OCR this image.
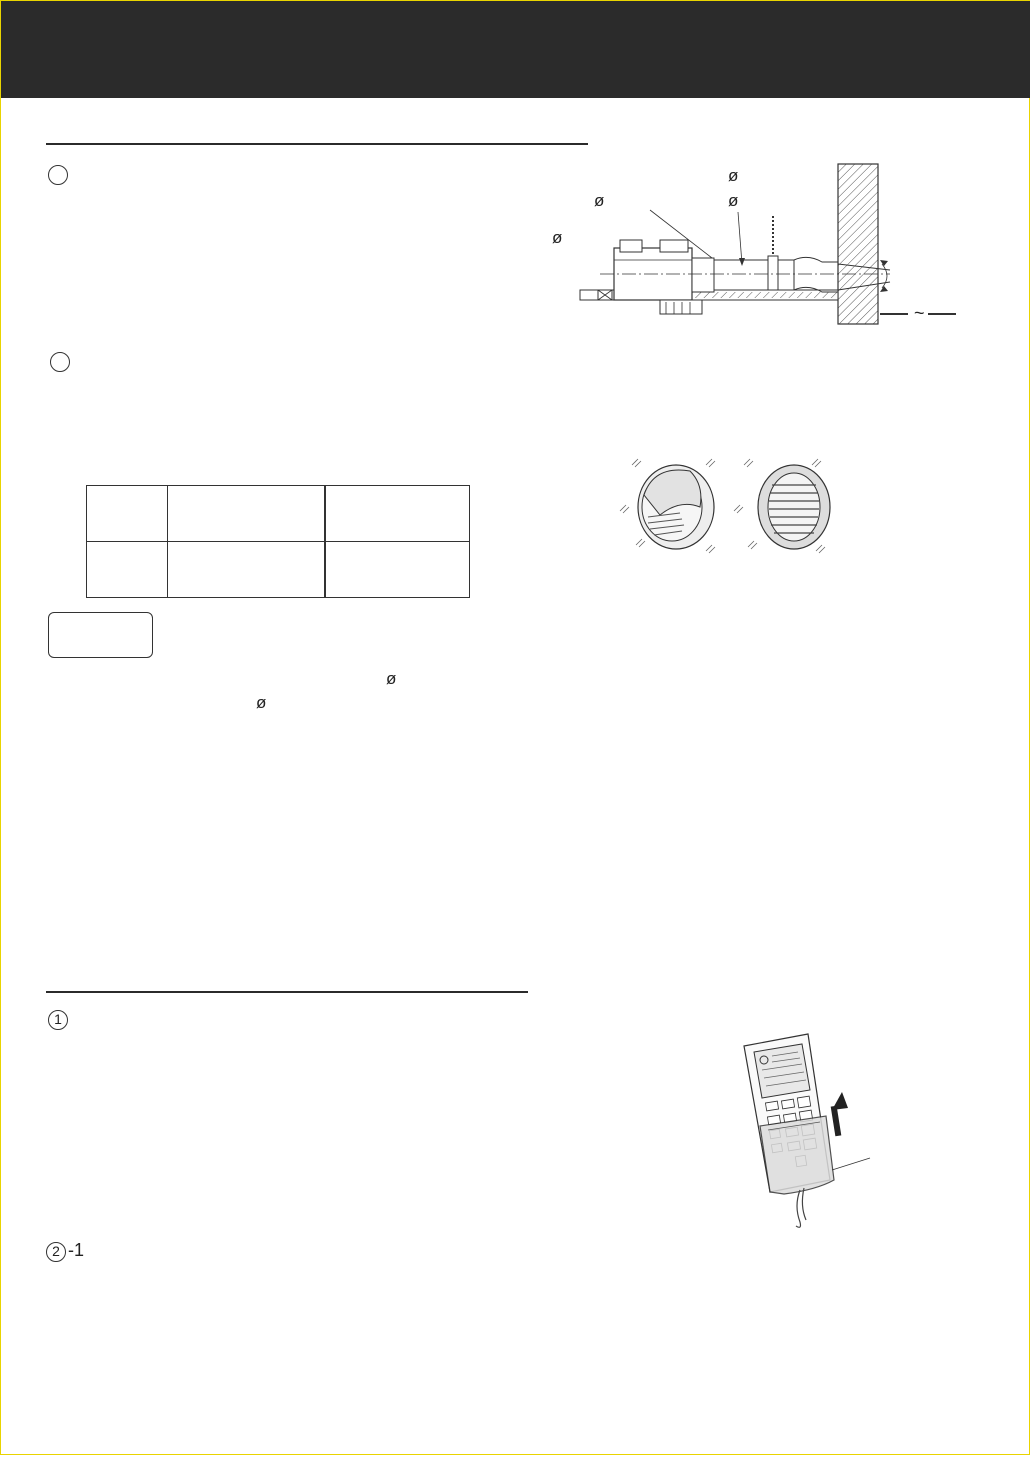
ø
ø	ø
ø
~

ø
ø
1
2 -1
